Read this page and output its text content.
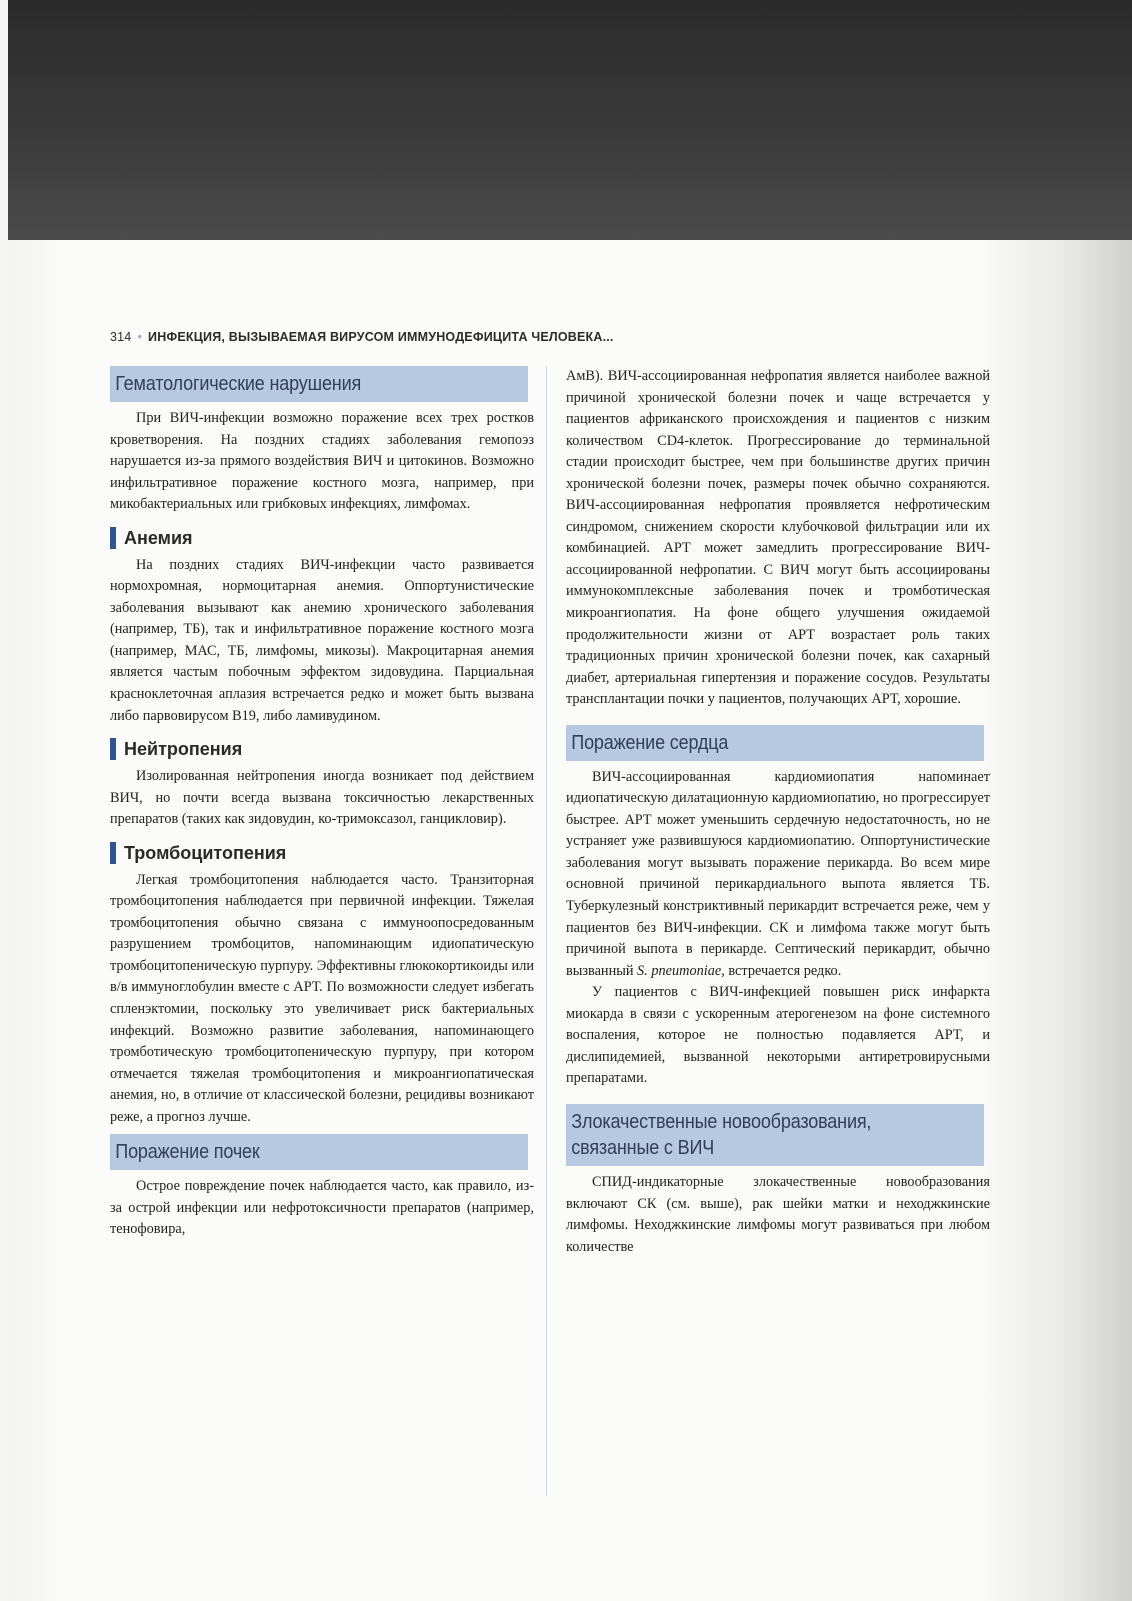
314 • ИНФЕКЦИЯ, ВЫЗЫВАЕМАЯ ВИРУСОМ ИММУНОДЕФИЦИТА ЧЕЛОВЕКА...
Гематологические нарушения

При ВИЧ-инфекции возможно поражение всех трех ростков кроветворения. На поздних стадиях заболевания гемопоэз нарушается из-за прямого воздействия ВИЧ и цитокинов. Возможно инфильтративное поражение костного мозга, например, при микобактериальных или грибковых инфекциях, лимфомах.

Анемия

На поздних стадиях ВИЧ-инфекции часто развивается нормохромная, нормоцитарная анемия. Оппортунистические заболевания вызывают как анемию хронического заболевания (например, ТБ), так и инфильтративное поражение костного мозга (например, МАС, ТБ, лимфомы, микозы). Макроцитарная анемия является частым побочным эффектом зидовудина. Парциальная красноклеточная аплазия встречается редко и может быть вызвана либо парвовирусом В19, либо ламивудином.

Нейтропения

Изолированная нейтропения иногда возникает под действием ВИЧ, но почти всегда вызвана токсичностью лекарственных препаратов (таких как зидовудин, ко-тримоксазол, ганцикловир).

Тромбоцитопения

Легкая тромбоцитопения наблюдается часто. Транзиторная тромбоцитопения наблюдается при первичной инфекции. Тяжелая тромбоцитопения обычно связана с иммуноопосредованным разрушением тромбоцитов, напоминающим идиопатическую тромбоцитопеническую пурпуру. Эффективны глюкокортикоиды или в/в иммуноглобулин вместе с АРТ. По возможности следует избегать спленэктомии, поскольку это увеличивает риск бактериальных инфекций. Возможно развитие заболевания, напоминающего тромботическую тромбоцитопеническую пурпуру, при котором отмечается тяжелая тромбоцитопения и микроангиопатическая анемия, но, в отличие от классической болезни, рецидивы возникают реже, а прогноз лучше.

Поражение почек

Острое повреждение почек наблюдается часто, как правило, из-за острой инфекции или нефротоксичности препаратов (например, тенофовира,

АмВ). ВИЧ-ассоциированная нефропатия является наиболее важной причиной хронической болезни почек и чаще встречается у пациентов африканского происхождения и пациентов с низким количеством CD4-клеток. Прогрессирование до терминальной стадии происходит быстрее, чем при большинстве других причин хронической болезни почек, размеры почек обычно сохраняются. ВИЧ-ассоциированная нефропатия проявляется нефротическим синдромом, снижением скорости клубочковой фильтрации или их комбинацией. АРТ может замедлить прогрессирование ВИЧ-ассоциированной нефропатии. С ВИЧ могут быть ассоциированы иммунокомплексные заболевания почек и тромботическая микроангиопатия. На фоне общего улучшения ожидаемой продолжительности жизни от АРТ возрастает роль таких традиционных причин хронической болезни почек, как сахарный диабет, артериальная гипертензия и поражение сосудов. Результаты трансплантации почки у пациентов, получающих АРТ, хорошие.

Поражение сердца

ВИЧ-ассоциированная кардиомиопатия напоминает идиопатическую дилатационную кардиомиопатию, но прогрессирует быстрее. АРТ может уменьшить сердечную недостаточность, но не устраняет уже развившуюся кардиомиопатию. Оппортунистические заболевания могут вызывать поражение перикарда. Во всем мире основной причиной перикардиального выпота является ТБ. Туберкулезный констриктивный перикардит встречается реже, чем у пациентов без ВИЧ-инфекции. СК и лимфома также могут быть причиной выпота в перикарде. Септический перикардит, обычно вызванный S. pneumoniae, встречается редко.

У пациентов с ВИЧ-инфекцией повышен риск инфаркта миокарда в связи с ускоренным атерогенезом на фоне системного воспаления, которое не полностью подавляется АРТ, и дислипидемией, вызванной некоторыми антиретровирусными препаратами.

Злокачественные новообразования,
связанные с ВИЧ

СПИД-индикаторные злокачественные новообразования включают СК (см. выше), рак шейки матки и неходжкинские лимфомы. Неходжкинские лимфомы могут развиваться при любом количестве
